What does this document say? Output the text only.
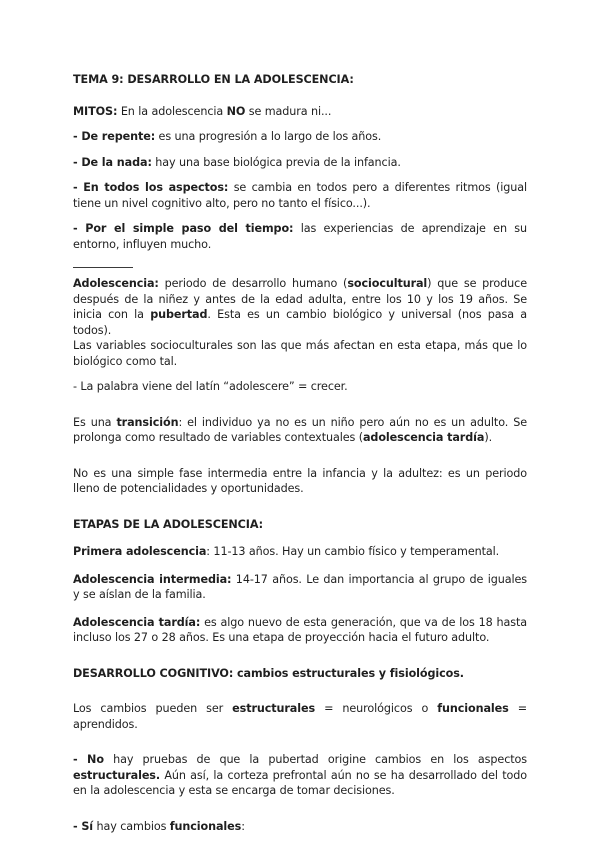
TEMA 9: DESARROLLO EN LA ADOLESCENCIA:

MITOS: En la adolescencia NO se madura ni...

- De repente: es una progresión a lo largo de los años.

- De la nada: hay una base biológica previa de la infancia.

- En todos los aspectos: se cambia en todos pero a diferentes ritmos (igual tiene un nivel cognitivo alto, pero no tanto el físico...).

- Por el simple paso del tiempo: las experiencias de aprendizaje en su entorno, influyen mucho.

Adolescencia: periodo de desarrollo humano (sociocultural) que se produce después de la niñez y antes de la edad adulta, entre los 10 y los 19 años. Se inicia con la pubertad. Esta es un cambio biológico y universal (nos pasa a todos).

Las variables socioculturales son las que más afectan en esta etapa, más que lo biológico como tal.

- La palabra viene del latín “adolescere” = crecer.

Es una transición: el individuo ya no es un niño pero aún no es un adulto. Se prolonga como resultado de variables contextuales (adolescencia tardía).

No es una simple fase intermedia entre la infancia y la adultez: es un periodo lleno de potencialidades y oportunidades.

ETAPAS DE LA ADOLESCENCIA:

Primera adolescencia: 11-13 años. Hay un cambio físico y temperamental.

Adolescencia intermedia: 14-17 años. Le dan importancia al grupo de iguales y se aíslan de la familia.

Adolescencia tardía: es algo nuevo de esta generación, que va de los 18 hasta incluso los 27 o 28 años. Es una etapa de proyección hacia el futuro adulto.

DESARROLLO COGNITIVO: cambios estructurales y fisiológicos.

Los cambios pueden ser estructurales = neurológicos o funcionales = aprendidos.

- No hay pruebas de que la pubertad origine cambios en los aspectos estructurales. Aún así, la corteza prefrontal aún no se ha desarrollado del todo en la adolescencia y esta se encarga de tomar decisiones.

- Sí hay cambios funcionales:
